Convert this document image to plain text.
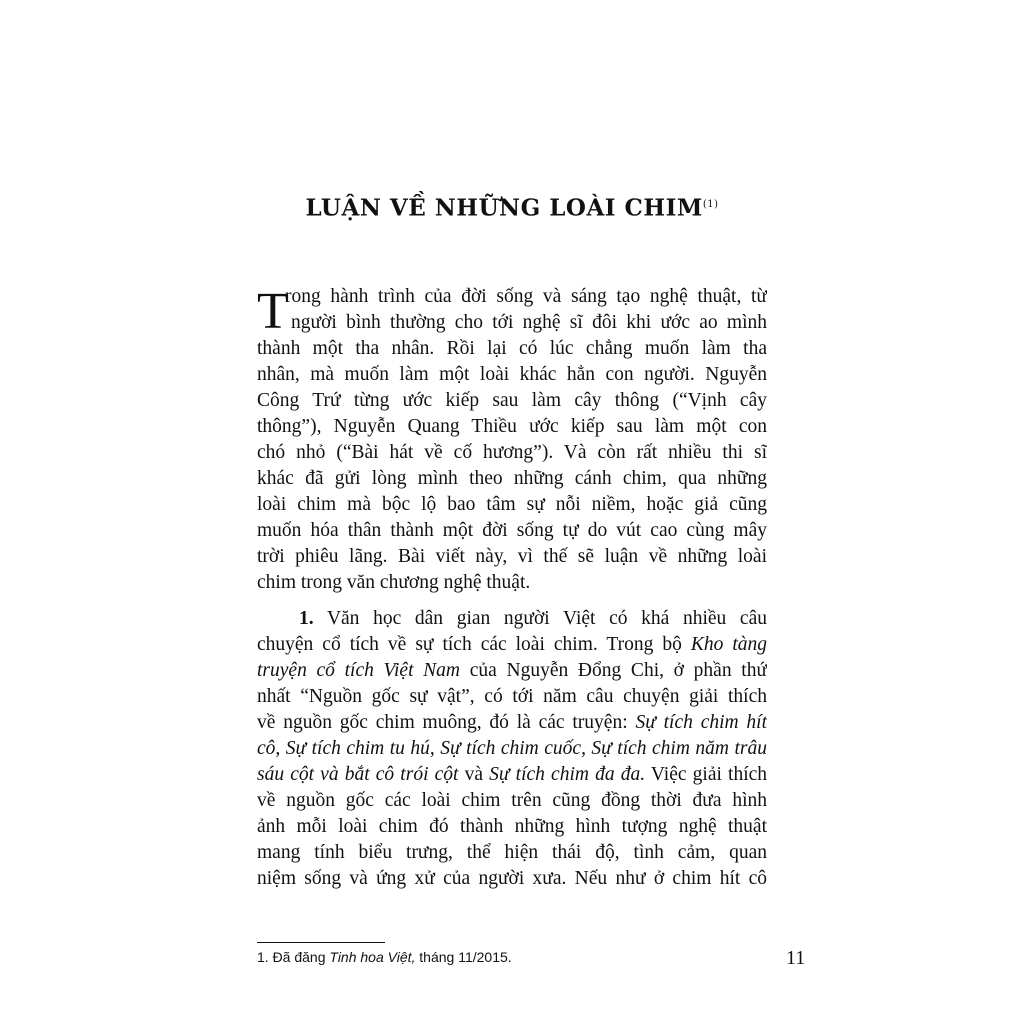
LUẬN VỀ NHỮNG LOÀI CHIM$^{(1)}$
T
rong hành trình của đời sống và sáng tạo nghệ thuật, từ
người bình thường cho tới nghệ sĩ đôi khi ước ao mình
thành một tha nhân. Rồi lại có lúc chẳng muốn làm tha
nhân, mà muốn làm một loài khác hẳn con người. Nguyễn
Công Trứ từng ước kiếp sau làm cây thông (“Vịnh cây
thông”), Nguyễn Quang Thiều ước kiếp sau làm một con
chó nhỏ (“Bài hát về cố hương”). Và còn rất nhiều thi sĩ
khác đã gửi lòng mình theo những cánh chim, qua những
loài chim mà bộc lộ bao tâm sự nỗi niềm, hoặc giả cũng
muốn hóa thân thành một đời sống tự do vút cao cùng mây
trời phiêu lãng. Bài viết này, vì thế sẽ luận về những loài
chim trong văn chương nghệ thuật.
1. Văn học dân gian người Việt có khá nhiều câu
chuyện cổ tích về sự tích các loài chim. Trong bộ Kho tàng
truyện cổ tích Việt Nam của Nguyễn Đổng Chi, ở phần thứ
nhất “Nguồn gốc sự vật”, có tới năm câu chuyện giải thích
về nguồn gốc chim muông, đó là các truyện: Sự tích chim hít
cô, Sự tích chim tu hú, Sự tích chim cuốc, Sự tích chim năm trâu
sáu cột và bắt cô trói cột và Sự tích chim đa đa. Việc giải thích
về nguồn gốc các loài chim trên cũng đồng thời đưa hình
ảnh mỗi loài chim đó thành những hình tượng nghệ thuật
mang tính biểu trưng, thể hiện thái độ, tình cảm, quan
niệm sống và ứng xử của người xưa. Nếu như ở chim hít cô
1. Đã đăng Tinh hoa Việt, tháng 11/2015.	11
